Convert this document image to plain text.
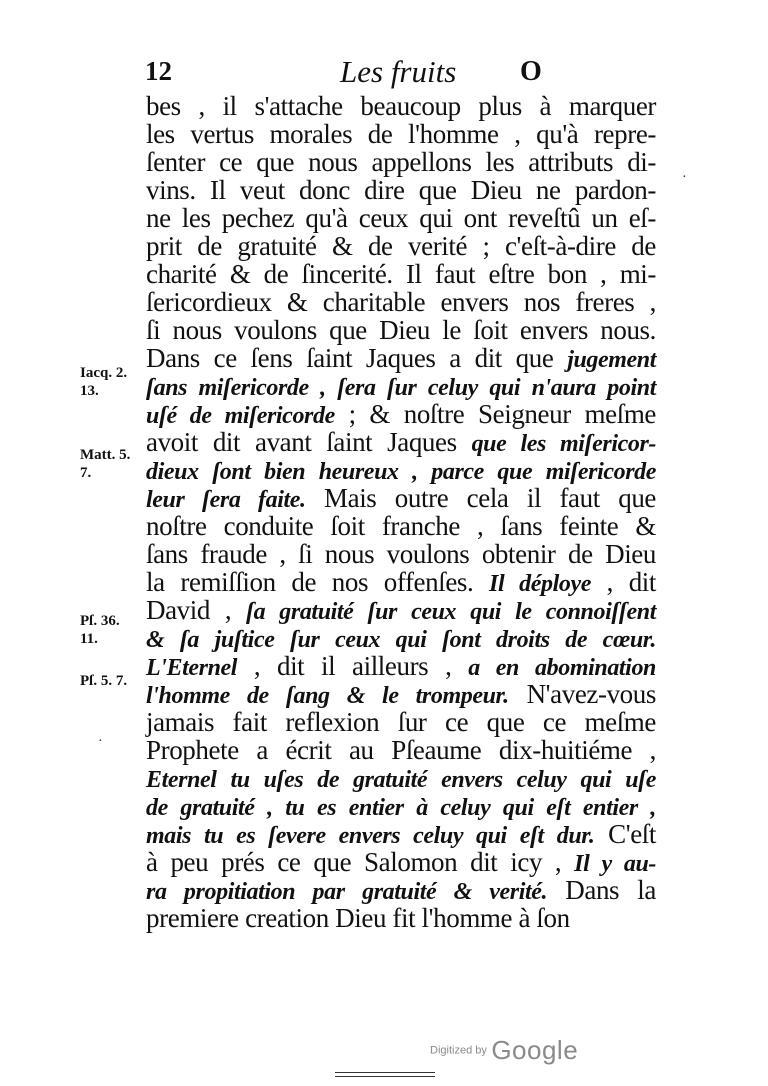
12	Les fruits O
Iacq. 2.
13.
Matt. 5.
7.
Pſ. 36.
11.
Pſ. 5. 7.
bes , il s'attache beaucoup plus à marquer
les vertus morales de l'homme , qu'à repre-
ſenter ce que nous appellons les attributs di-
vins. Il veut donc dire que Dieu ne pardon-
ne les pechez qu'à ceux qui ont reveſtû un eſ-
prit de gratuité & de verité ; c'eſt-à-dire de
charité & de ſincerité. Il faut eſtre bon , mi-
ſericordieux & charitable envers nos freres ,
ſi nous voulons que Dieu le ſoit envers nous.
Dans ce ſens ſaint Jaques a dit que jugement
ſans miſericorde , ſera ſur celuy qui n'aura point
uſé de miſericorde ; & noſtre Seigneur meſme
avoit dit avant ſaint Jaques que les miſericor-
dieux ſont bien heureux , parce que miſericorde
leur ſera faite. Mais outre cela il faut que
noſtre conduite ſoit franche , ſans feinte &
ſans fraude , ſi nous voulons obtenir de Dieu
la remiſſion de nos offenſes. Il déploye , dit
David , ſa gratuité ſur ceux qui le connoiſſent
& ſa juſtice ſur ceux qui ſont droits de cœur.
L'Eternel , dit il ailleurs , a en abomination
l'homme de ſang & le trompeur. N'avez-vous
jamais fait reflexion ſur ce que ce meſme
Prophete a écrit au Pſeaume dix-huitiéme ,
Eternel tu uſes de gratuité envers celuy qui uſe
de gratuité , tu es entier à celuy qui eſt entier ,
mais tu es ſevere envers celuy qui eſt dur. C'eſt
à peu prés ce que Salomon dit icy , Il y au-
ra propitiation par gratuité & verité. Dans la
premiere creation Dieu fit l'homme à ſon
·
·
Digitized by Google
